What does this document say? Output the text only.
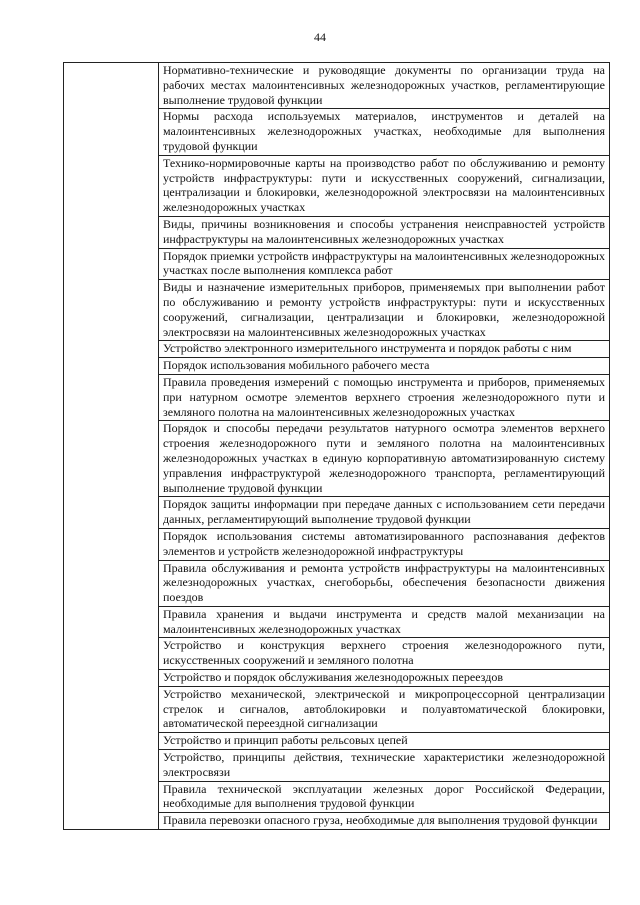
44
	Нормативно-технические и руководящие документы по организации труда на рабочих местах малоинтенсивных железнодорожных участков, регламентирующие выполнение трудовой функции
Нормы расхода используемых материалов, инструментов и деталей на малоинтенсивных железнодорожных участках, необходимые для выполнения трудовой функции
Технико-нормировочные карты на производство работ по обслуживанию и ремонту устройств инфраструктуры: пути и искусственных сооружений, сигнализации, централизации и блокировки, железнодорожной электросвязи на малоинтенсивных железнодорожных участках
Виды, причины возникновения и способы устранения неисправностей устройств инфраструктуры на малоинтенсивных железнодорожных участках
Порядок приемки устройств инфраструктуры на малоинтенсивных железнодорожных участках после выполнения комплекса работ
Виды и назначение измерительных приборов, применяемых при выполнении работ по обслуживанию и ремонту устройств инфраструктуры: пути и искусственных сооружений, сигнализации, централизации и блокировки, железнодорожной электросвязи на малоинтенсивных железнодорожных участках
Устройство электронного измерительного инструмента и порядок работы с ним
Порядок использования мобильного рабочего места
Правила проведения измерений с помощью инструмента и приборов, применяемых при натурном осмотре элементов верхнего строения железнодорожного пути и земляного полотна на малоинтенсивных железнодорожных участках
Порядок и способы передачи результатов натурного осмотра элементов верхнего строения железнодорожного пути и земляного полотна на малоинтенсивных железнодорожных участках в единую корпоративную автоматизированную систему управления инфраструктурой железнодорожного транспорта, регламентирующий выполнение трудовой функции
Порядок защиты информации при передаче данных с использованием сети передачи данных, регламентирующий выполнение трудовой функции
Порядок использования системы автоматизированного распознавания дефектов элементов и устройств железнодорожной инфраструктуры
Правила обслуживания и ремонта устройств инфраструктуры на малоинтенсивных железнодорожных участках, снегоборьбы, обеспечения безопасности движения поездов
Правила хранения и выдачи инструмента и средств малой механизации на малоинтенсивных железнодорожных участках
Устройство и конструкция верхнего строения железнодорожного пути, искусственных сооружений и земляного полотна
Устройство и порядок обслуживания железнодорожных переездов
Устройство механической, электрической и микропроцессорной централизации стрелок и сигналов, автоблокировки и полуавтоматической блокировки, автоматической переездной сигнализации
Устройство и принцип работы рельсовых цепей
Устройство, принципы действия, технические характеристики железнодорожной электросвязи
Правила технической эксплуатации железных дорог Российской Федерации, необходимые для выполнения трудовой функции
Правила перевозки опасного груза, необходимые для выполнения трудовой функции
